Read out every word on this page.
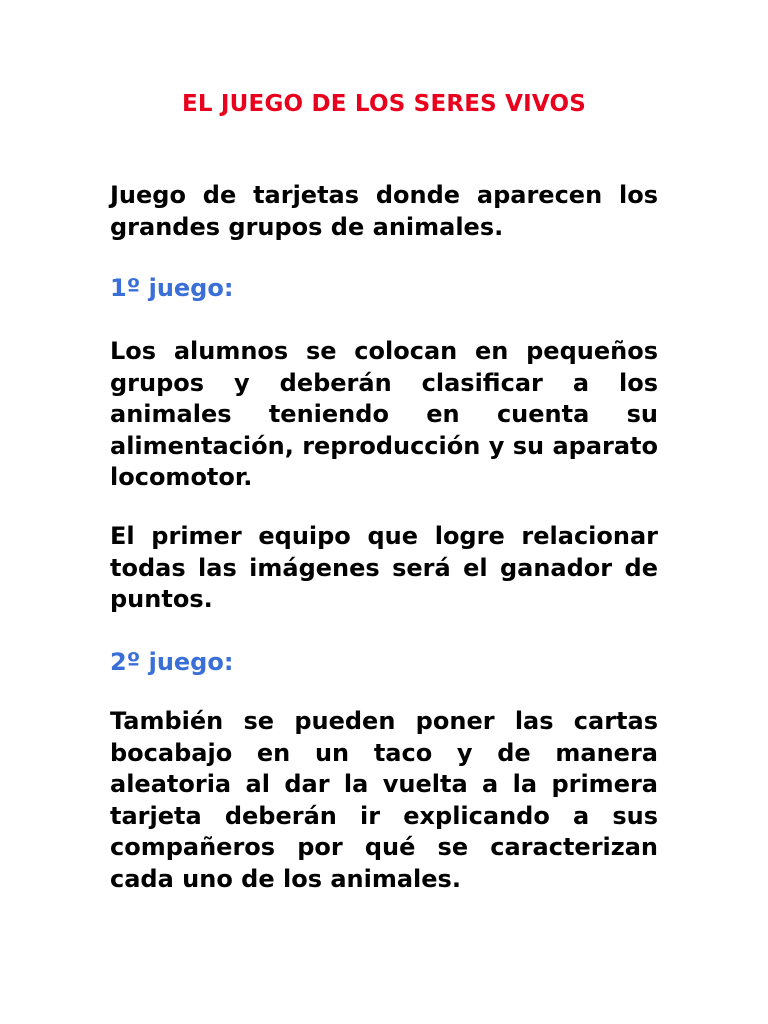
EL JUEGO DE LOS SERES VIVOS

Juego de tarjetas donde aparecen los grandes grupos de animales.

1º juego:

Los alumnos se colocan en pequeños grupos y deberán clasificar a los animales teniendo en cuenta su alimentación, reproducción y su aparato locomotor.

El primer equipo que logre relacionar todas las imágenes será el ganador de puntos.

2º juego:

También se pueden poner las cartas bocabajo en un taco y de manera aleatoria al dar la vuelta a la primera tarjeta deberán ir explicando a sus compañeros por qué se caracterizan cada uno de los animales.
